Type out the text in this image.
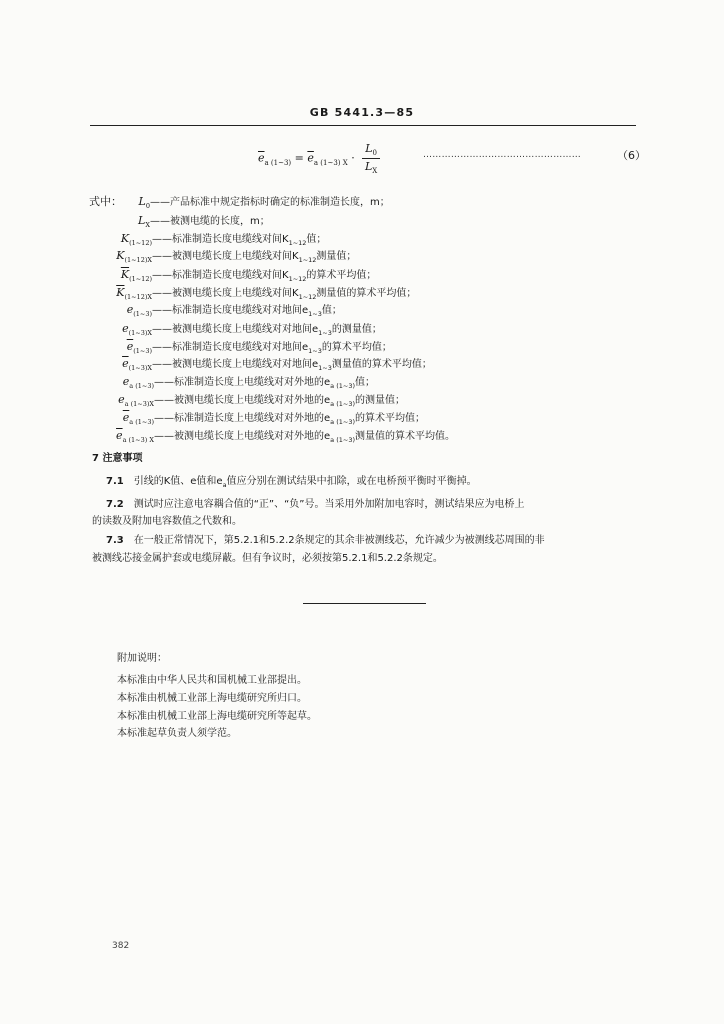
GB 5441.3—85
$\overline{e}_{a (1\sim 3)} = \overline{e}_{a (1\sim 3) X} \cdot \frac{L_0}{L_X}$	……………………………………………	（6）
式中：	$L_0——$产品标准中规定指标时确定的标准制造长度，m；
$L_X——$被测电缆的长度，m；
$K_{(1\sim 12)}——$标准制造长度电缆线对间$K_{1\sim 12}$值；
$K_{(1\sim 12)X}——$被测电缆长度上电缆线对间$K_{1\sim 12}$测量值；
$\overline{K}_{(1\sim 12)}——$标准制造长度电缆线对间$K_{1\sim 12}$的算术平均值；
$\overline{K}_{(1\sim 12)X}——$被测电缆长度上电缆线对间$K_{1\sim 12}$测量值的算术平均值；
$e_{(1\sim 3)}——$标准制造长度电缆线对对地间$e_{1\sim 3}$值；
$e_{(1\sim 3)X}——$被测电缆长度上电缆线对对地间$e_{1\sim 3}$的测量值；
$\overline{e}_{(1\sim 3)}——$标准制造长度电缆线对对地间$e_{1\sim 3}$的算术平均值；
$\overline{e}_{(1\sim 3)X}——$被测电缆长度上电缆线对对地间$e_{1\sim 3}$测量值的算术平均值；
$e_{a (1\sim 3)}——$标准制造长度上电缆线对对外地的$e_{a (1\sim 3)}$值；
$e_{a (1\sim 3)X}——$被测电缆长度上电缆线对对外地的$e_{a (1\sim 3)}$的测量值；
$\overline{e}_{a (1\sim 3)}——$标准制造长度上电缆线对对外地的$e_{a (1\sim 3)}$的算术平均值；
$\overline{e}_{a (1\sim 3) X}——$被测电缆长度上电缆线对对外地的$e_{a (1\sim 3)}$测量值的算术平均值。
7 注意事项
7.1 引线的K值、e值和$e_a$值应分别在测试结果中扣除，或在电桥预平衡时平衡掉。
7.2 测试时应注意电容耦合值的“正”、“负”号。当采用外加附加电容时，测试结果应为电桥上
的读数及附加电容数值之代数和。
7.3 在一般正常情况下，第5.2.1和5.2.2条规定的其余非被测线芯，允许减少为被测线芯周围的非
被测线芯接金属护套或电缆屏蔽。但有争议时，必须按第5.2.1和5.2.2条规定。
附加说明：
本标准由中华人民共和国机械工业部提出。
本标准由机械工业部上海电缆研究所归口。
本标准由机械工业部上海电缆研究所等起草。
本标准起草负责人须学范。
382
